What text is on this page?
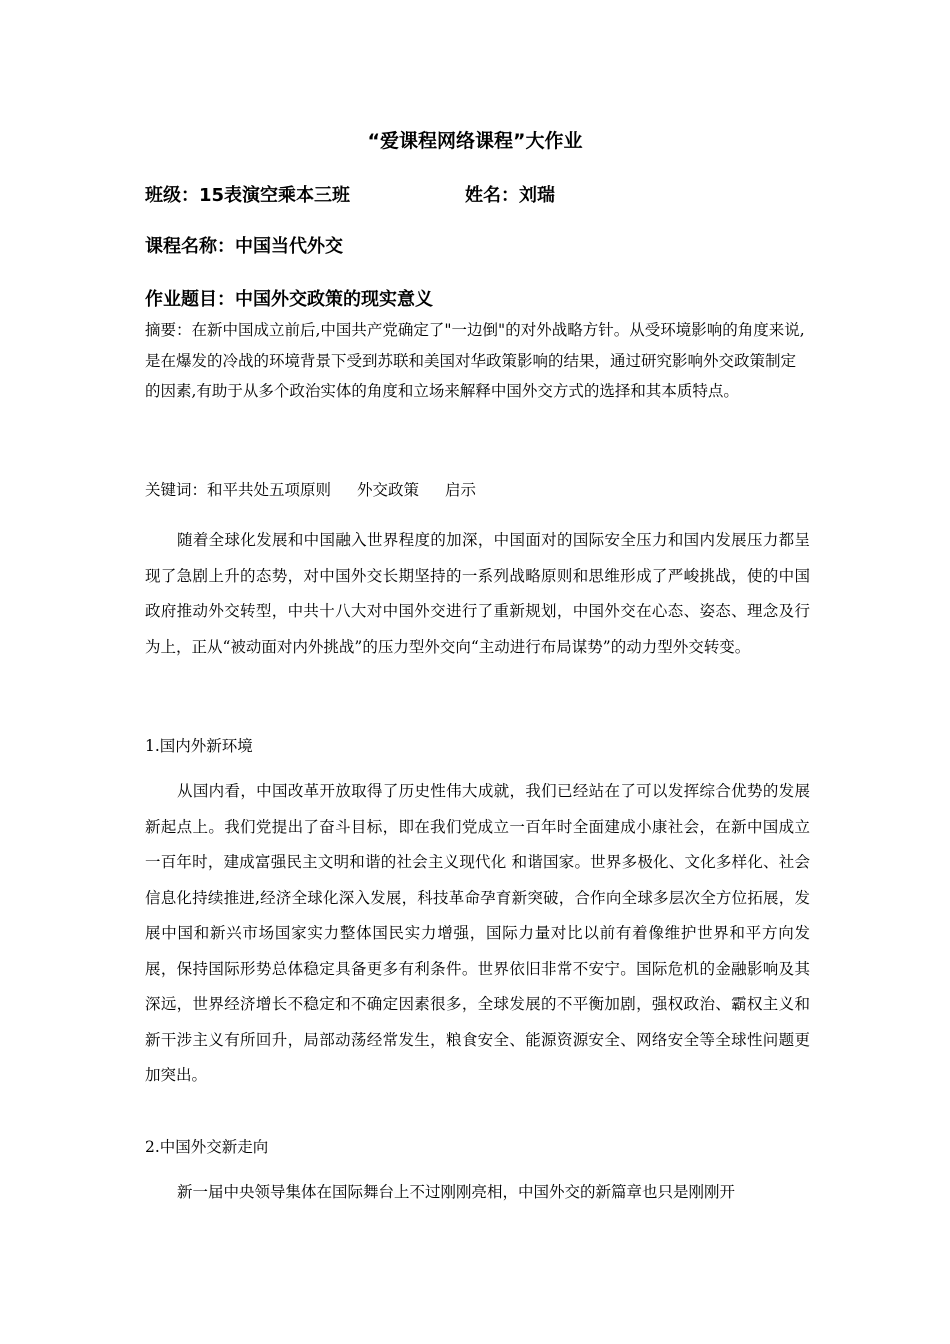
“爱课程网络课程”大作业
班级：15表演空乘本三班	姓名：刘瑞
课程名称：中国当代外交
作业题目：中国外交政策的现实意义
摘要：在新中国成立前后,中国共产党确定了"一边倒"的对外战略方针。从受环境影响的角度来说,是在爆发的冷战的环境背景下受到苏联和美国对华政策影响的结果，通过研究影响外交政策制定的因素,有助于从多个政治实体的角度和立场来解释中国外交方式的选择和其本质特点。
关键词：和平共处五项原则 外交政策 启示
随着全球化发展和中国融入世界程度的加深，中国面对的国际安全压力和国内发展压力都呈现了急剧上升的态势，对中国外交长期坚持的一系列战略原则和思维形成了严峻挑战，使的中国政府推动外交转型，中共十八大对中国外交进行了重新规划，中国外交在心态、姿态、理念及行为上，正从“被动面对内外挑战”的压力型外交向“主动进行布局谋势”的动力型外交转变。
1.国内外新环境
从国内看，中国改革开放取得了历史性伟大成就，我们已经站在了可以发挥综合优势的发展新起点上。我们党提出了奋斗目标，即在我们党成立一百年时全面建成小康社会，在新中国成立一百年时，建成富强民主文明和谐的社会主义现代化 和谐国家。世界多极化、文化多样化、社会信息化持续推进,经济全球化深入发展，科技革命孕育新突破，合作向全球多层次全方位拓展，发展中国和新兴市场国家实力整体国民实力增强，国际力量对比以前有着像维护世界和平方向发展，保持国际形势总体稳定具备更多有利条件。世界依旧非常不安宁。国际危机的金融影响及其深远，世界经济增长不稳定和不确定因素很多，全球发展的不平衡加剧，强权政治、霸权主义和新干涉主义有所回升，局部动荡经常发生，粮食安全、能源资源安全、网络安全等全球性问题更加突出。
2.中国外交新走向
新一届中央领导集体在国际舞台上不过刚刚亮相，中国外交的新篇章也只是刚刚开
